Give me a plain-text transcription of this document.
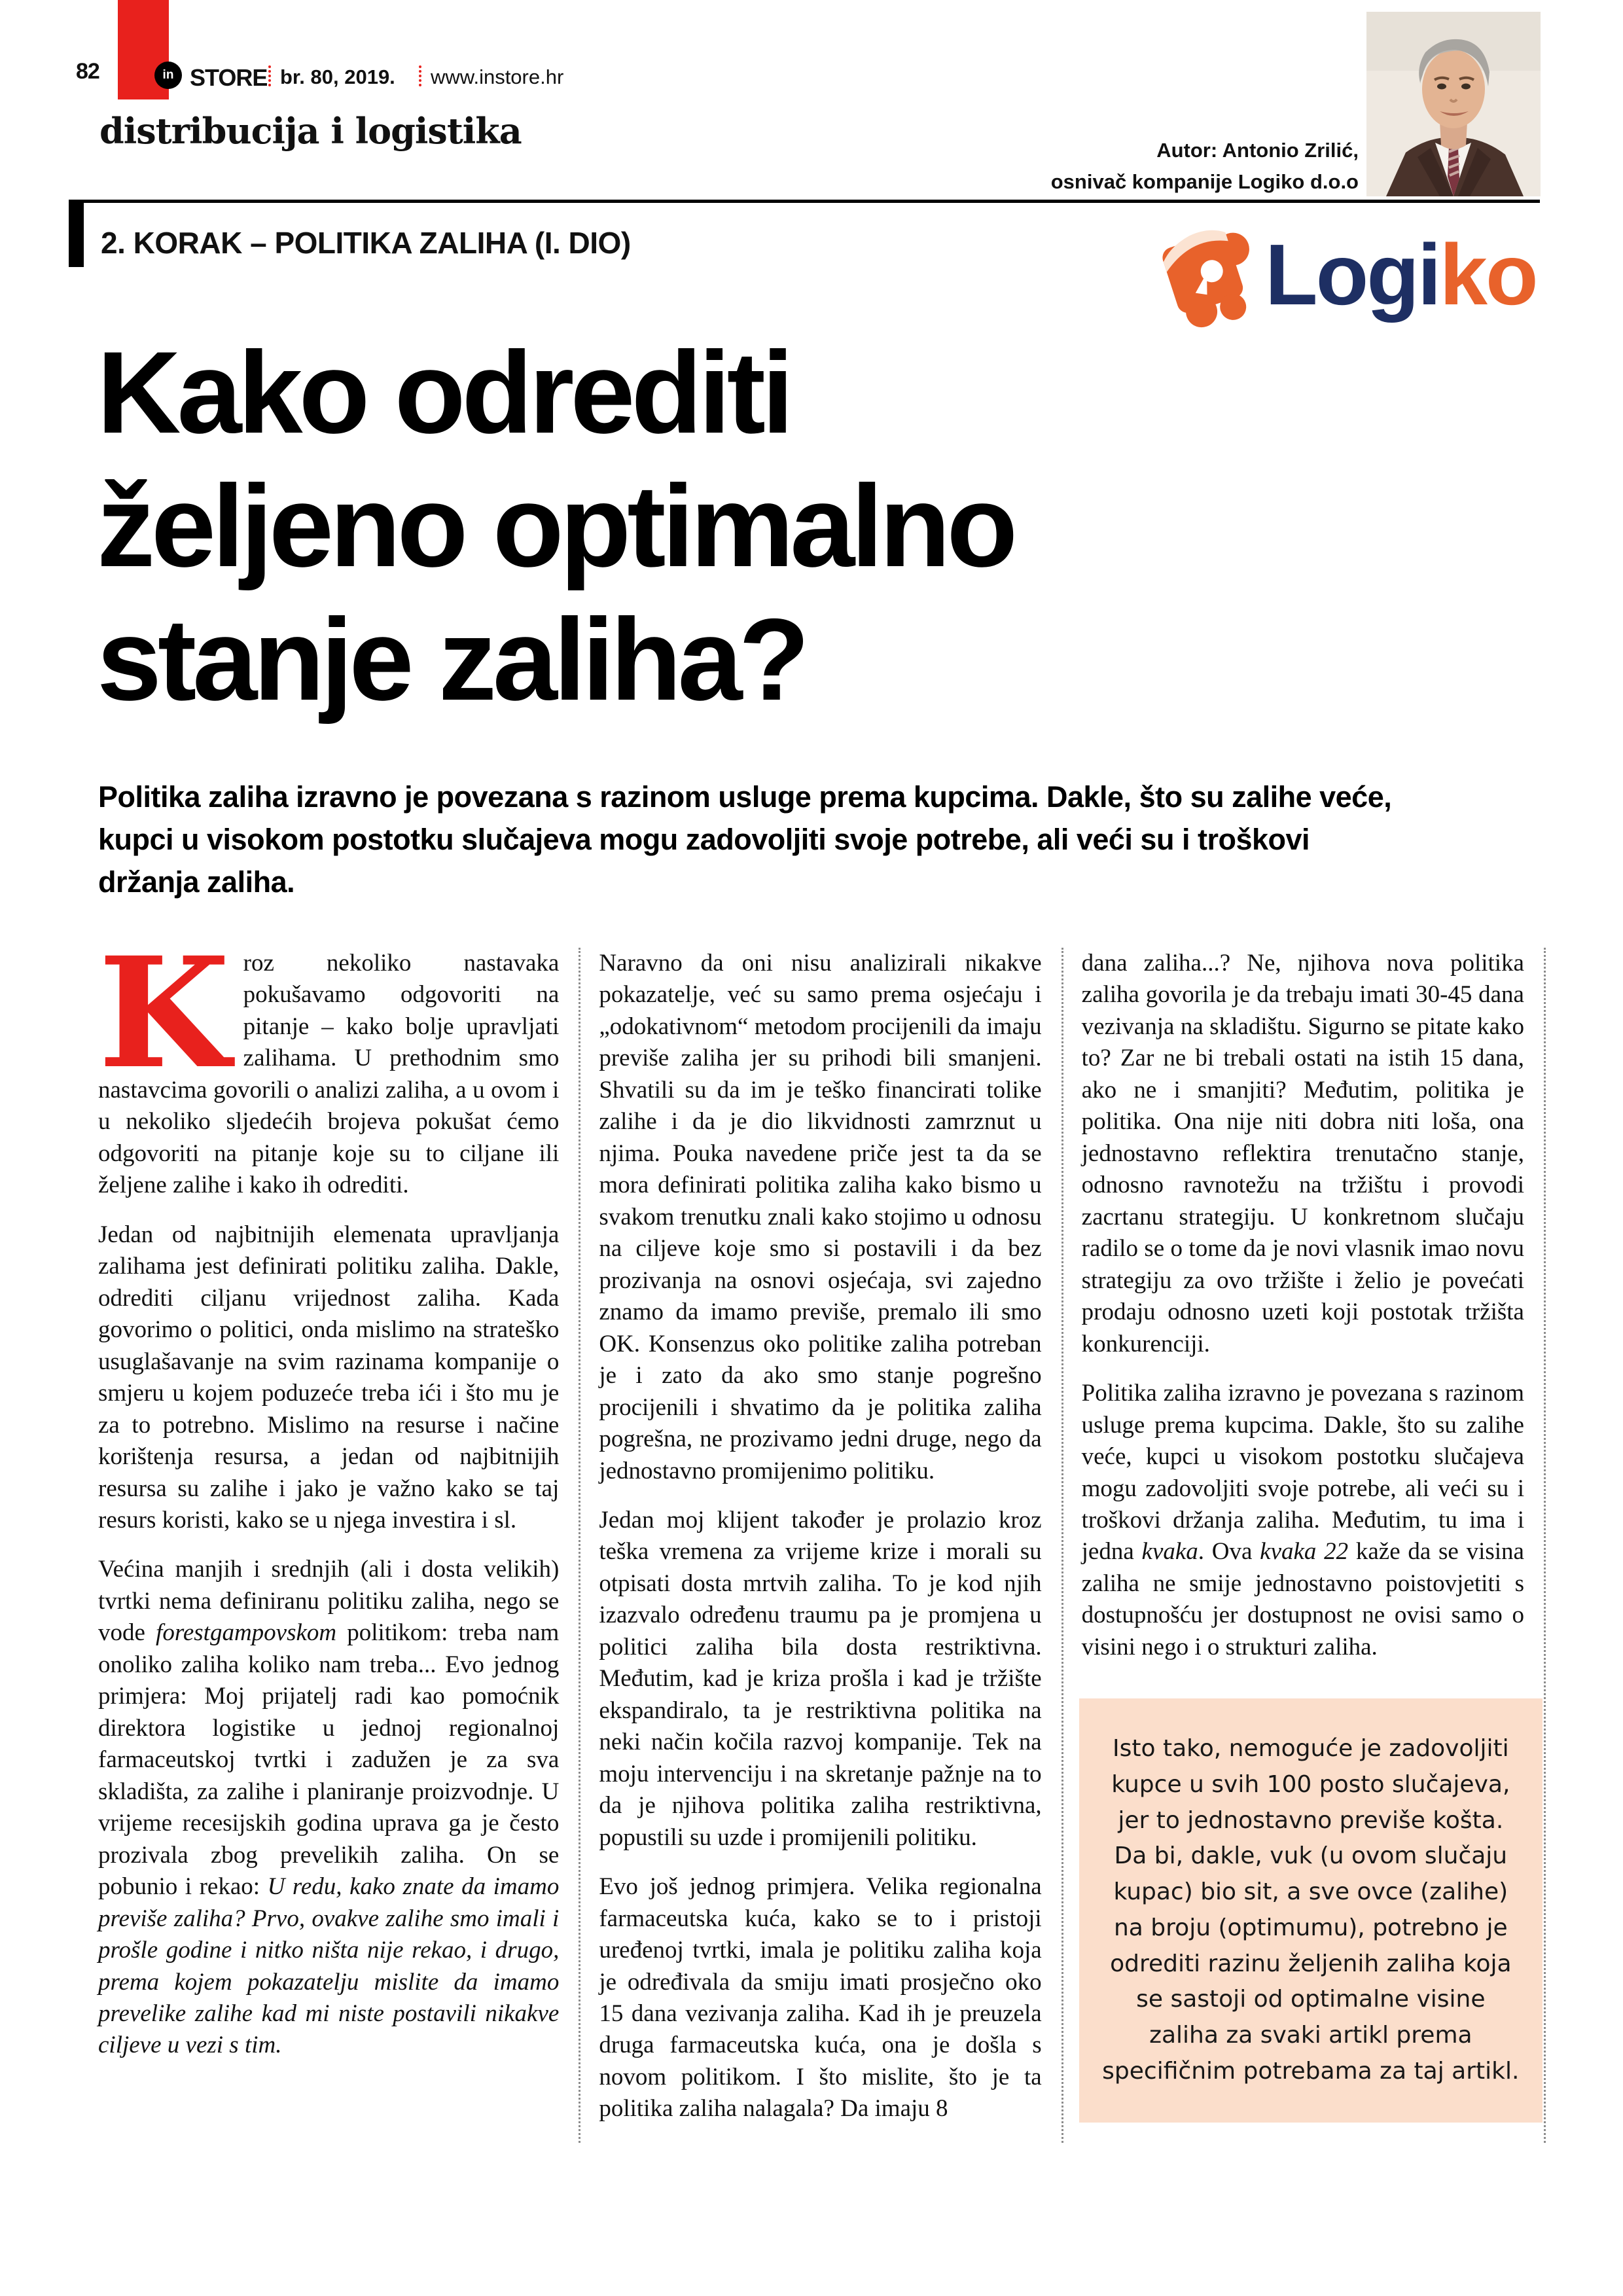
82	in STORE br. 80, 2019. www.instore.hr
distribucija i logistika	Autor: Antonio Zrilić,
osnivač kompanije Logiko d.o.o
2. KORAK – POLITIKA ZALIHA (I. DIO)	Logiko
Kako odrediti
željeno optimalno
stanje zaliha?

Politika zaliha izravno je povezana s razinom usluge prema kupcima. Dakle, što su zalihe veće, kupci u visokom postotku slučajeva mogu zadovoljiti svoje potrebe, ali veći su i troškovi držanja zaliha.

Kroz nekoliko nastavaka pokušavamo odgovoriti na pitanje – kako bolje upravljati zalihama. U prethodnim smo nastavcima govorili o analizi zaliha, a u ovom i u nekoliko sljedećih brojeva pokušat ćemo odgovoriti na pitanje koje su to ciljane ili željene zalihe i kako ih odrediti.

Jedan od najbitnijih elemenata upravljanja zalihama jest definirati politiku zaliha. Dakle, odrediti ciljanu vrijednost zaliha. Kada govorimo o politici, onda mislimo na strateško usuglašavanje na svim razinama kompanije o smjeru u kojem poduzeće treba ići i što mu je za to potrebno. Mislimo na resurse i načine korištenja resursa, a jedan od najbitnijih resursa su zalihe i jako je važno kako se taj resurs koristi, kako se u njega investira i sl.

Većina manjih i srednjih (ali i dosta velikih) tvrtki nema definiranu politiku zaliha, nego se vode forestgampovskom politikom: treba nam onoliko zaliha koliko nam treba... Evo jednog primjera: Moj prijatelj radi kao pomoćnik direktora logistike u jednoj regionalnoj farmaceutskoj tvrtki i zadužen je za sva skladišta, za zalihe i planiranje proizvodnje. U vrijeme recesijskih godina uprava ga je često prozivala zbog prevelikih zaliha. On se pobunio i rekao: U redu, kako znate da imamo previše zaliha? Prvo, ovakve zalihe smo imali i prošle godine i nitko ništa nije rekao, i drugo, prema kojem pokazatelju mislite da imamo prevelike zalihe kad mi niste postavili nikakve ciljeve u vezi s tim.

Naravno da oni nisu analizirali nikakve pokazatelje, već su samo prema osjećaju i „odokativnom“ metodom procijenili da imaju previše zaliha jer su prihodi bili smanjeni. Shvatili su da im je teško financirati tolike zalihe i da je dio likvidnosti zamrznut u njima. Pouka navedene priče jest ta da se mora definirati politika zaliha kako bismo u svakom trenutku znali kako stojimo u odnosu na ciljeve koje smo si postavili i da bez prozivanja na osnovi osjećaja, svi zajedno znamo da imamo previše, premalo ili smo OK. Konsenzus oko politike zaliha potreban je i zato da ako smo stanje pogrešno procijenili i shvatimo da je politika zaliha pogrešna, ne prozivamo jedni druge, nego da jednostavno promijenimo politiku.

Jedan moj klijent također je prolazio kroz teška vremena za vrijeme krize i morali su otpisati dosta mrtvih zaliha. To je kod njih izazvalo određenu traumu pa je promjena u politici zaliha bila dosta restriktivna. Međutim, kad je kriza prošla i kad je tržište ekspandiralo, ta je restriktivna politika na neki način kočila razvoj kompanije. Tek na moju intervenciju i na skretanje pažnje na to da je njihova politika zaliha restriktivna, popustili su uzde i promijenili politiku.

Evo još jednog primjera. Velika regionalna farmaceutska kuća, kako se to i pristoji uređenoj tvrtki, imala je politiku zaliha koja je određivala da smiju imati prosječno oko 15 dana vezivanja zaliha. Kad ih je preuzela druga farmaceutska kuća, ona je došla s novom politikom. I što mislite, što je ta politika zaliha nalagala? Da imaju 8

dana zaliha...? Ne, njihova nova politika zaliha govorila je da trebaju imati 30-45 dana vezivanja na skladištu. Sigurno se pitate kako to? Zar ne bi trebali ostati na istih 15 dana, ako ne i smanjiti? Međutim, politika je politika. Ona nije niti dobra niti loša, ona jednostavno reflektira trenutačno stanje, odnosno ravnotežu na tržištu i provodi zacrtanu strategiju. U konkretnom slučaju radilo se o tome da je novi vlasnik imao novu strategiju za ovo tržište i želio je povećati prodaju odnosno uzeti koji postotak tržišta konkurenciji.

Politika zaliha izravno je povezana s razinom usluge prema kupcima. Dakle, što su zalihe veće, kupci u visokom postotku slučajeva mogu zadovoljiti svoje potrebe, ali veći su i troškovi držanja zaliha. Međutim, tu ima i jedna kvaka. Ova kvaka 22 kaže da se visina zaliha ne smije jednostavno poistovjetiti s dostupnošću jer dostupnost ne ovisi samo o visini nego i o strukturi zaliha.

Isto tako, nemoguće je zadovoljiti kupce u svih 100 posto slučajeva, jer to jednostavno previše košta. Da bi, dakle, vuk (u ovom slučaju kupac) bio sit, a sve ovce (zalihe) na broju (optimumu), potrebno je odrediti razinu željenih zaliha koja se sastoji od optimalne visine zaliha za svaki artikl prema specifičnim potrebama za taj artikl.
